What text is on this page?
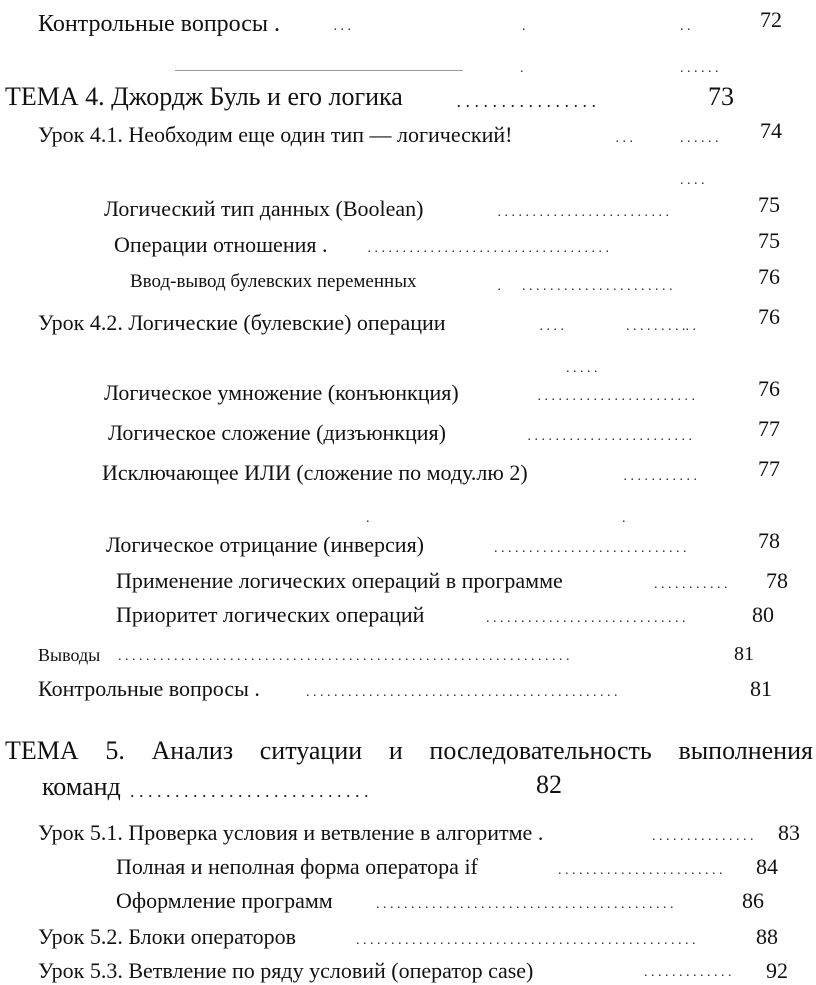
Контрольные вопросы .	. . .	.	. .	72
.	. . . . . .
ТЕМА 4. Джордж Буль и его логика	. . . . . . . . . . . . . . . .	73
Урок 4.1. Необходим еще один тип — логический!	. . .	. . . . . . 74
. . . .
Логический тип данных (Boolean)	. . . . . . . . . . . . . . . . . . . . . . . . .	75
Операции отношения .	. . . . . . . . . . . . . . . . . . . . . . . . . . . . . . . . . . .	75
Ввод-вывод булевских переменных	. . . . . . . . . . . . . . . . . . . . . . .	76
Урок 4.2. Логические (булевские) операции	. . . .	. . . . . . . . .. .	76
. . . . .
Логическое умножение (конъюнкция)	. . . . . . . . . . . . . . . . . . . . . . .	76
Логическое сложение (дизъюнкция)	. . . . . . . . . . . . . . . . . . . . . . . .	77
Исключающее ИЛИ (сложение по моду.лю 2)	. . . . . . . . . . .	77
.	.
Логическое отрицание (инверсия)	. . . . . . . . . . . . . . . . . . . . . . . . . . . .	78
Применение логических операций в программе	. . . . . . . . . . . 78
Приоритет логических операций	. . . . . . . . . . . . . . . . . . . . . . . . . . . . .	80
Выводы . . . . . . . . . . . . . . . . . . . . . . . . . . . . . . . . . . . . . . . . . . . . . . . . . . . . . . . . . . . . . . . . .	81
Контрольные вопросы .	. . . . . . . . . . . . . . . . . . . . . . . . . . . . . . . . . . . . . . . . . . . . .	81
ТЕМА 5. Анализ ситуации и последовательность выполнения
команд . . . . . . . . . . . . . . . . . . . . . . . . . . .	82
Урок 5.1. Проверка условия и ветвление в алгоритме .	. . . . . . . . . . . . . . . 83
Полная и неполная форма оператора if	. . . . . . . . . . . . . . . . . . . . . . . . 84
Оформление программ	. . . . . . . . . . . . . . . . . . . . . . . . . . . . . . . . . . . . . . . . . . .	86
Урок 5.2. Блоки операторов	. . . . . . . . . . . . . . . . . . . . . . . . . . . . . . . . . . . . . . . . . . . . . . . . .	88
Урок 5.3. Ветвление по ряду условий (оператор case)	. . . . . . . . . . . . . 92
